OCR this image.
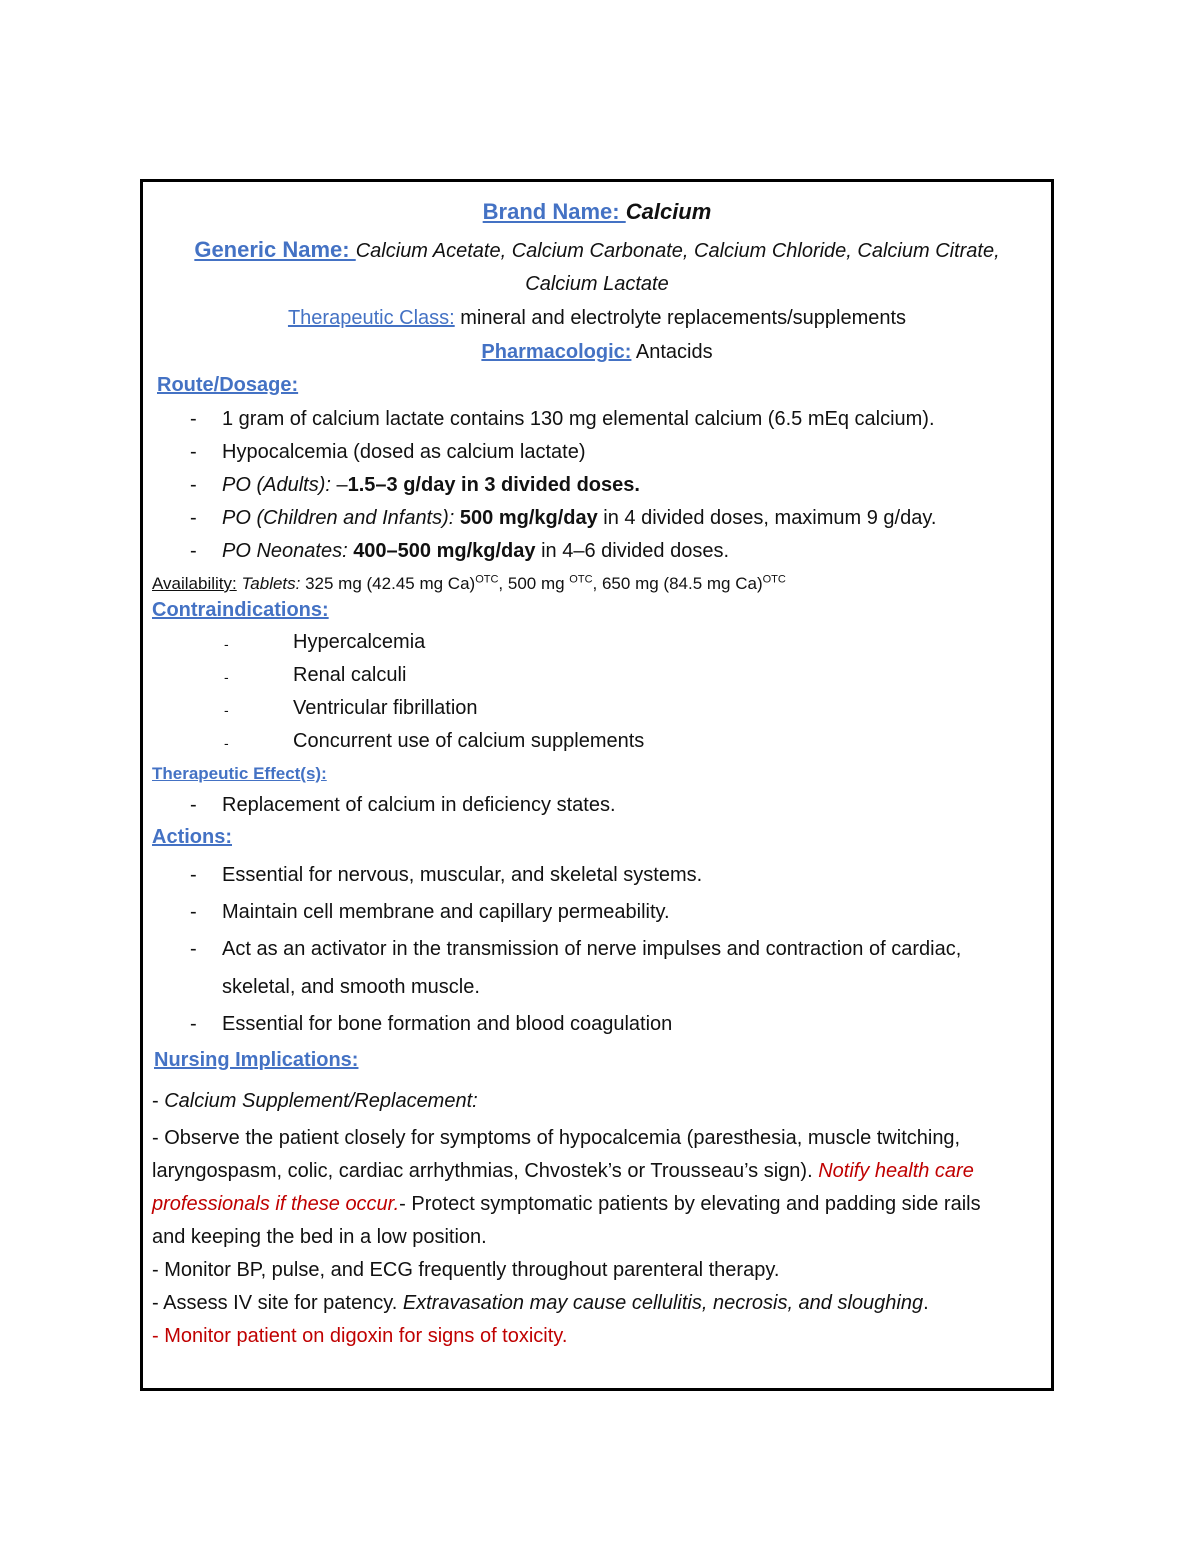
Brand Name: Calcium
Generic Name: Calcium Acetate, Calcium Carbonate, Calcium Chloride, Calcium Citrate,
Calcium Lactate
Therapeutic Class: mineral and electrolyte replacements/supplements
Pharmacologic: Antacids
Route/Dosage:
- 1 gram of calcium lactate contains 130 mg elemental calcium (6.5 mEq calcium).
- Hypocalcemia (dosed as calcium lactate)
- PO (Adults): –1.5–3 g/day in 3 divided doses.
- PO (Children and Infants): 500 mg/kg/day in 4 divided doses, maximum 9 g/day.
- PO Neonates: 400–500 mg/kg/day in 4–6 divided doses.
Availability: Tablets: 325 mg (42.45 mg Ca)$^{OTC}$, 500 mg $^{OTC}$, 650 mg (84.5 mg Ca)$^{OTC}$
Contraindications:
-	Hypercalcemia
-	Renal calculi
-	Ventricular fibrillation
-	Concurrent use of calcium supplements
Therapeutic Effect(s):
- Replacement of calcium in deficiency states.
Actions:
- Essential for nervous, muscular, and skeletal systems.
- Maintain cell membrane and capillary permeability.
- Act as an activator in the transmission of nerve impulses and contraction of cardiac,
skeletal, and smooth muscle.
- Essential for bone formation and blood coagulation
Nursing Implications:
- Calcium Supplement/Replacement:
- Observe the patient closely for symptoms of hypocalcemia (paresthesia, muscle twitching,
laryngospasm, colic, cardiac arrhythmias, Chvostek’s or Trousseau’s sign). Notify health care
professionals if these occur.- Protect symptomatic patients by elevating and padding side rails
and keeping the bed in a low position.
- Monitor BP, pulse, and ECG frequently throughout parenteral therapy.
- Assess IV site for patency. Extravasation may cause cellulitis, necrosis, and sloughing.
- Monitor patient on digoxin for signs of toxicity.
